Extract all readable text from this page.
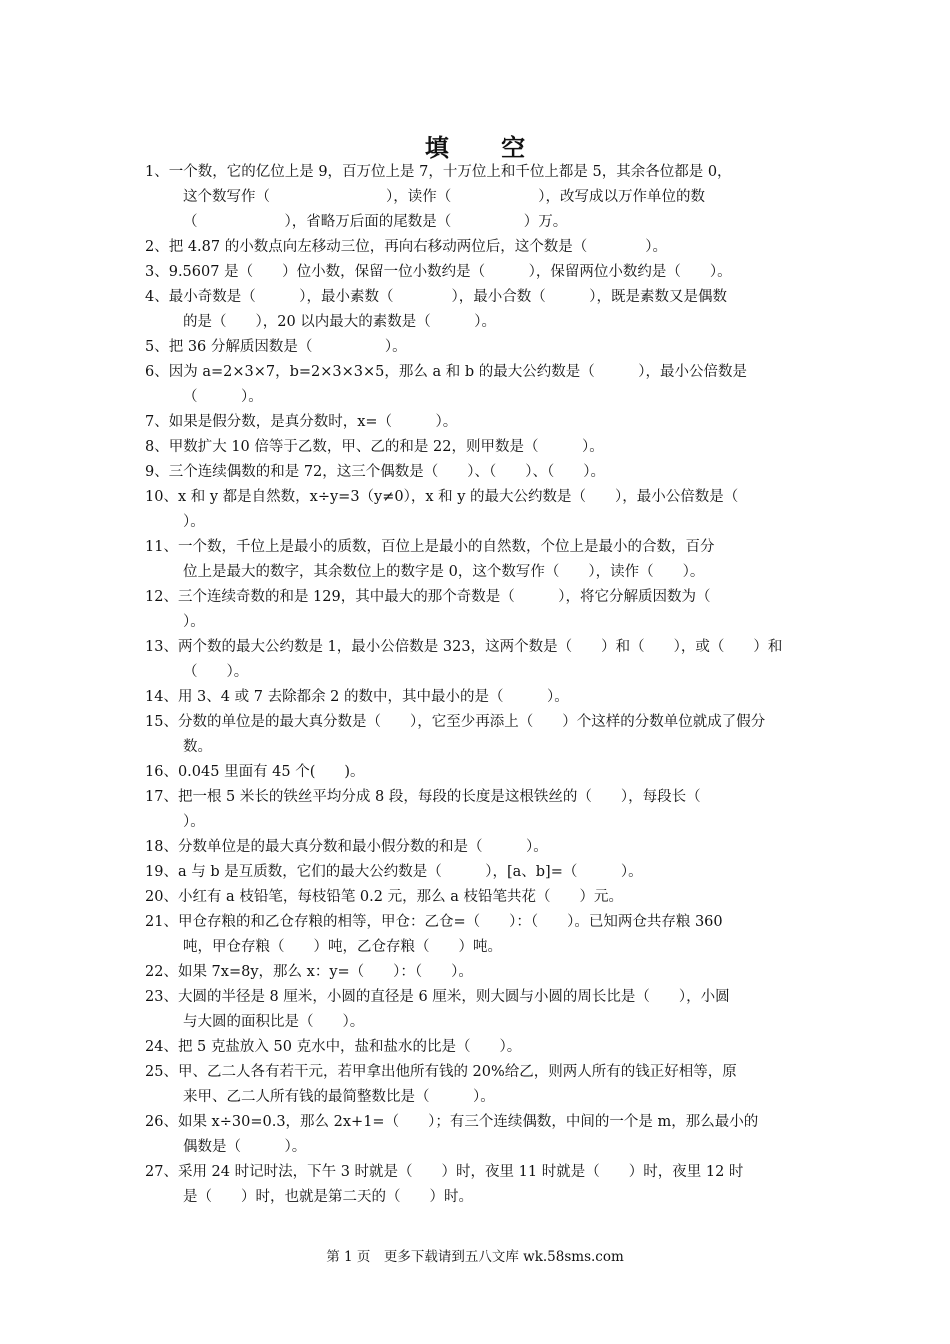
填 空
1、一个数，它的亿位上是 9，百万位上是 7，十万位上和千位上都是 5，其余各位都是 0，
这个数写作（　　　　　　　　），读作（　　　　　　），改写成以万作单位的数
（　　　　　　），省略万后面的尾数是（　　　　　）万。
2、把 4.87 的小数点向左移动三位，再向右移动两位后，这个数是（　　　　）。
3、9.5607 是（　　）位小数，保留一位小数约是（　　　），保留两位小数约是（　　）。
4、最小奇数是（　　　），最小素数（　　　　），最小合数（　　　），既是素数又是偶数
的是（　　），20 以内最大的素数是（　　　）。
5、把 36 分解质因数是（　　　　　）。
6、因为 a=2×3×7，b=2×3×3×5，那么 a 和 b 的最大公约数是（　　　），最小公倍数是
（　　　）。
7、如果是假分数，是真分数时，x=（　　　）。
8、甲数扩大 10 倍等于乙数，甲、乙的和是 22，则甲数是（　　　）。
9、三个连续偶数的和是 72，这三个偶数是（　　）、（　　）、（　　）。
10、x 和 y 都是自然数，x÷y=3（y≠0），x 和 y 的最大公约数是（　　），最小公倍数是（
）。
11、一个数，千位上是最小的质数，百位上是最小的自然数，个位上是最小的合数，百分
位上是最大的数字，其余数位上的数字是 0，这个数写作（　　），读作（　　）。
12、三个连续奇数的和是 129，其中最大的那个奇数是（　　　），将它分解质因数为（
）。
13、两个数的最大公约数是 1，最小公倍数是 323，这两个数是（　　）和（　　），或（　　）和
（　　）。
14、用 3、4 或 7 去除都余 2 的数中，其中最小的是（　　　）。
15、分数的单位是的最大真分数是（　　），它至少再添上（　　）个这样的分数单位就成了假分
数。
16、0.045 里面有 45 个(　　)。
17、把一根 5 米长的铁丝平均分成 8 段，每段的长度是这根铁丝的（　　），每段长（
）。
18、分数单位是的最大真分数和最小假分数的和是（　　　）。
19、a 与 b 是互质数，它们的最大公约数是（　　　），[a、b]=（　　　）。
20、小红有 a 枝铅笔，每枝铅笔 0.2 元，那么 a 枝铅笔共花（　　）元。
21、甲仓存粮的和乙仓存粮的相等，甲仓：乙仓=（　　）：（　　）。已知两仓共存粮 360
吨，甲仓存粮（　　）吨，乙仓存粮（　　）吨。
22、如果 7x=8y，那么 x：y=（　　）：（　　）。
23、大圆的半径是 8 厘米，小圆的直径是 6 厘米，则大圆与小圆的周长比是（　　），小圆
与大圆的面积比是（　　）。
24、把 5 克盐放入 50 克水中，盐和盐水的比是（　　）。
25、甲、乙二人各有若干元，若甲拿出他所有钱的 20%给乙，则两人所有的钱正好相等，原
来甲、乙二人所有钱的最简整数比是（　　　）。
26、如果 x÷30=0.3，那么 2x+1=（　　）；有三个连续偶数，中间的一个是 m，那么最小的
偶数是（　　　）。
27、采用 24 时记时法，下午 3 时就是（　　）时，夜里 11 时就是（　　）时，夜里 12 时
是（　　）时，也就是第二天的（　　）时。
第 1 页　更多下载请到五八文库 wk.58sms.com
